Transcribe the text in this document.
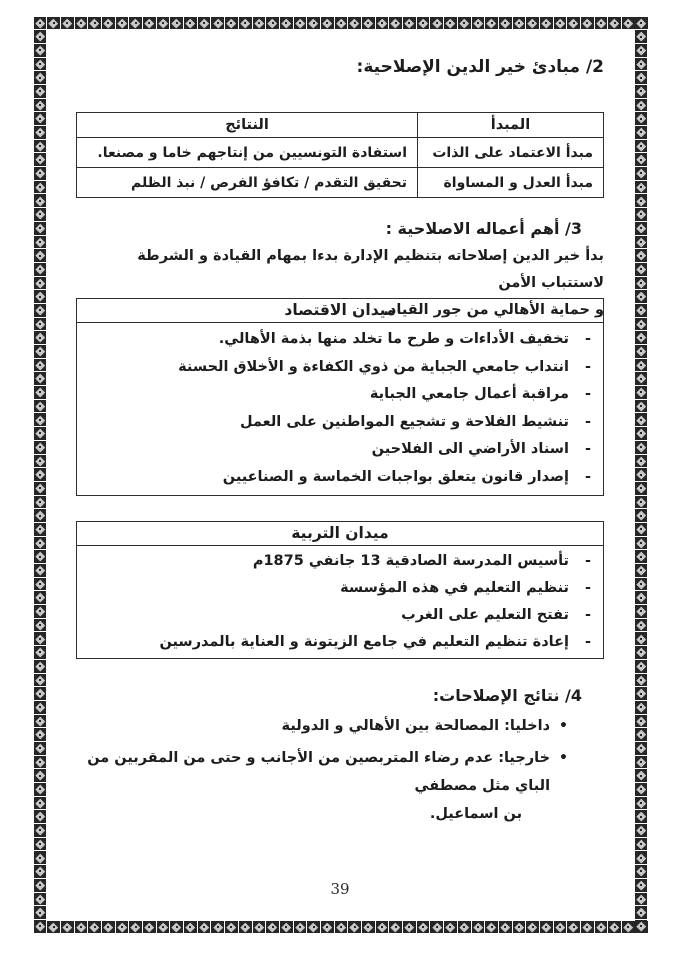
2/ مبادئ خير الدين الإصلاحية:
المبدأ	النتائج
مبدأ الاعتماد على الذات	استفادة التونسيين من إنتاجهم خاما و مصنعا.
مبدأ العدل و المساواة	تحقيق التقدم / تكافؤ الفرص / نبذ الظلم
3/ أهم أعماله الاصلاحية :
بدأ خير الدين إصلاحاته بتنظيم الإدارة بدءا بمهام القيادة و الشرطة لاستتباب الأمن
و حماية الأهالي من جور القياد.
ميدان الاقتصاد
-
تخفيف الأداءات و طرح ما تخلد منها بذمة الأهالي.
-
انتداب جامعي الجباية من ذوي الكفاءة و الأخلاق الحسنة
-
مراقبة أعمال جامعي الجباية
-
تنشيط الفلاحة و تشجيع المواطنين على العمل
-
اسناد الأراضي الى الفلاحين
-
إصدار قانون يتعلق بواجبات الخماسة و الصناعيين
ميدان التربية
-
تأسيس المدرسة الصادقية 13 جانفي 1875م
-
تنظيم التعليم في هذه المؤسسة
-
تفتح التعليم على الغرب
-
إعادة تنظيم التعليم في جامع الزيتونة و العناية بالمدرسين
4/ نتائج الإصلاحات:
•
داخليا: المصالحة بين الأهالي و الدولية
•
خارجيا: عدم رضاء المتربصين من الأجانب و حتى من المقربين من الباي مثل مصطفي
بن اسماعيل.
39
